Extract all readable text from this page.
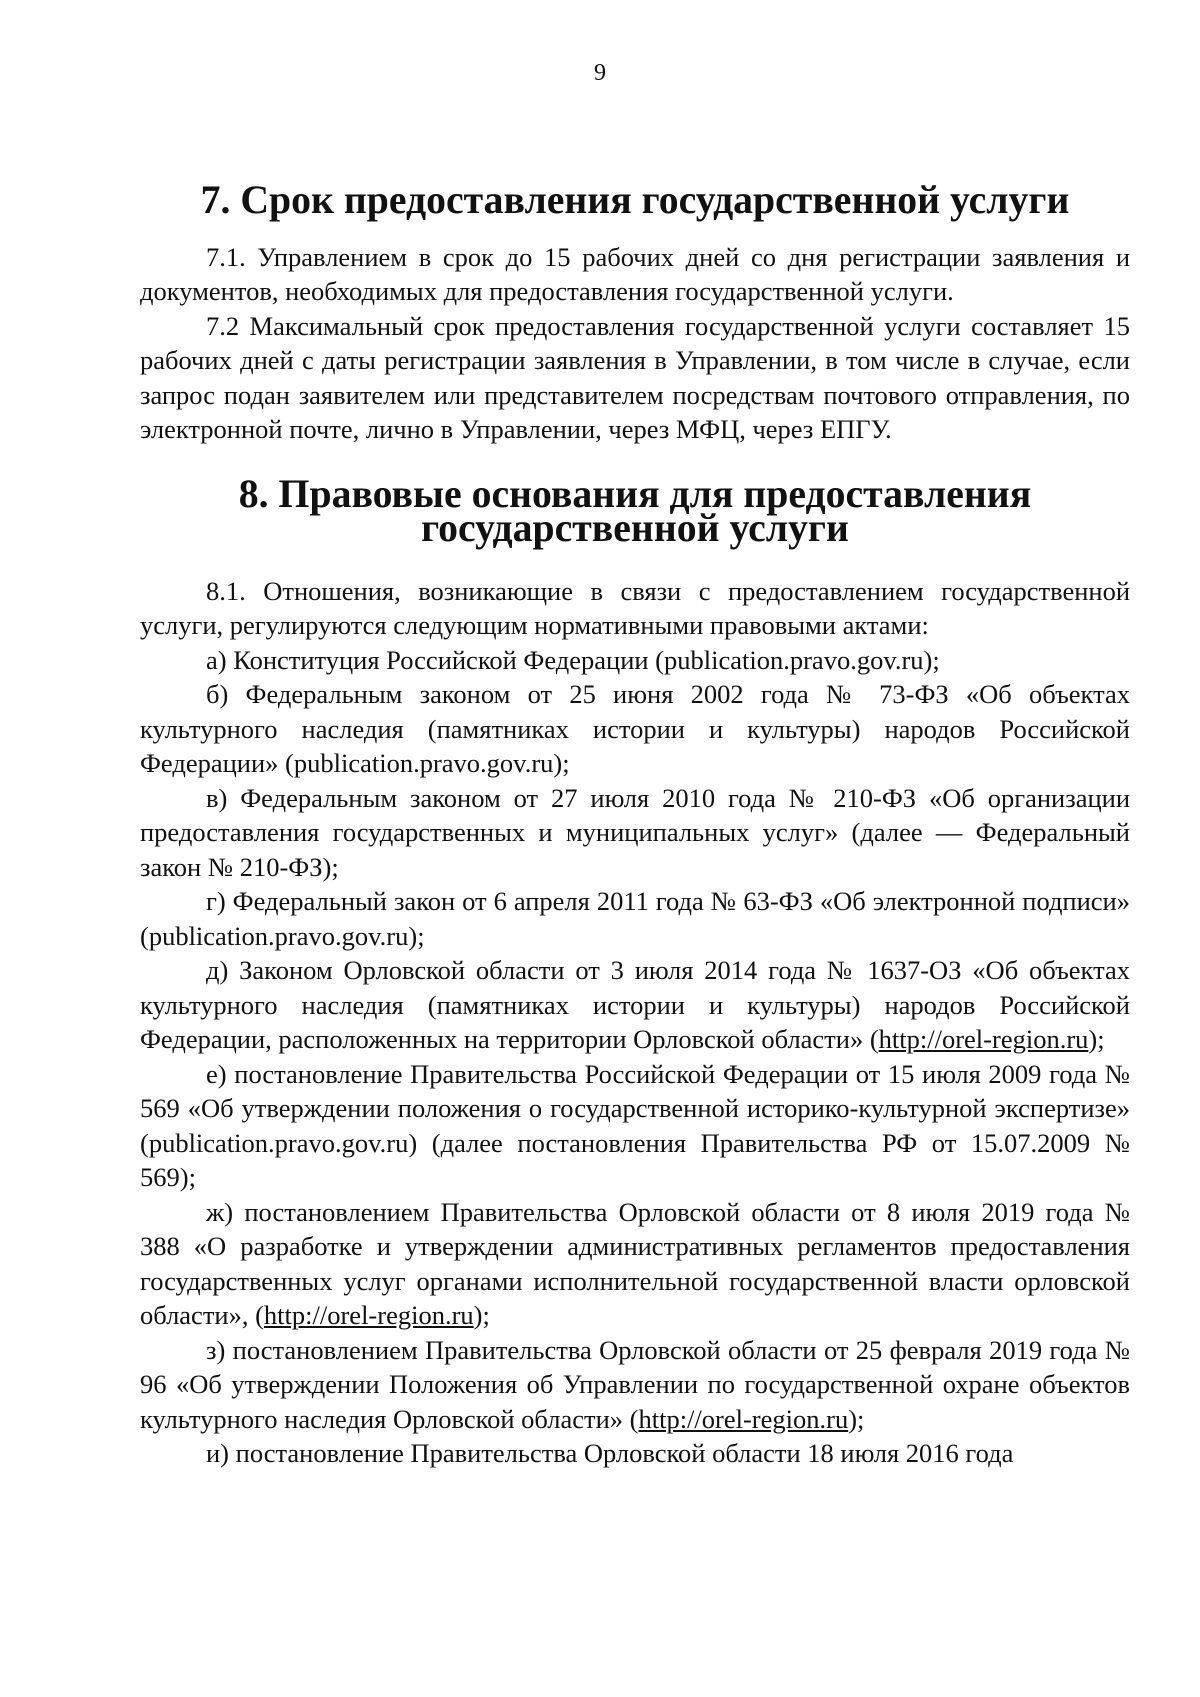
9
7. Срок предоставления государственной услуги

7.1. Управлением в срок до 15 рабочих дней со дня регистрации заявления и документов, необходимых для предоставления государственной услуги.

7.2 Максимальный срок предоставления государственной услуги составляет 15 рабочих дней с даты регистрации заявления в Управлении, в том числе в случае, если запрос подан заявителем или представителем посредствам почтового отправления, по электронной почте, лично в Управлении, через МФЦ, через ЕПГУ.

8. Правовые основания для предоставления государственной услуги

8.1. Отношения, возникающие в связи с предоставлением государственной услуги, регулируются следующим нормативными правовыми актами:

а) Конституция Российской Федерации (publication.pravo.gov.ru);

б) Федеральным законом от 25 июня 2002 года № 73-ФЗ «Об объектах культурного наследия (памятниках истории и культуры) народов Российской Федерации» (publication.pravo.gov.ru);

в) Федеральным законом от 27 июля 2010 года № 210-ФЗ «Об организации предоставления государственных и муниципальных услуг» (далее — Федеральный закон № 210-ФЗ);

г) Федеральный закон от 6 апреля 2011 года № 63-ФЗ «Об электронной подписи» (publication.pravo.gov.ru);

д) Законом Орловской области от 3 июля 2014 года № 1637-ОЗ «Об объектах культурного наследия (памятниках истории и культуры) народов Российской Федерации, расположенных на территории Орловской области» (http://orel-region.ru);

е) постановление Правительства Российской Федерации от 15 июля 2009 года № 569 «Об утверждении положения о государственной историко-культурной экспертизе» (publication.pravo.gov.ru) (далее постановления Правительства РФ от 15.07.2009 № 569);

ж) постановлением Правительства Орловской области от 8 июля 2019 года № 388 «О разработке и утверждении административных регламентов предоставления государственных услуг органами исполнительной государственной власти орловской области», (http://orel-region.ru);

з) постановлением Правительства Орловской области от 25 февраля 2019 года № 96 «Об утверждении Положения об Управлении по государственной охране объектов культурного наследия Орловской области» (http://orel-region.ru);

и) постановление Правительства Орловской области 18 июля 2016 года
